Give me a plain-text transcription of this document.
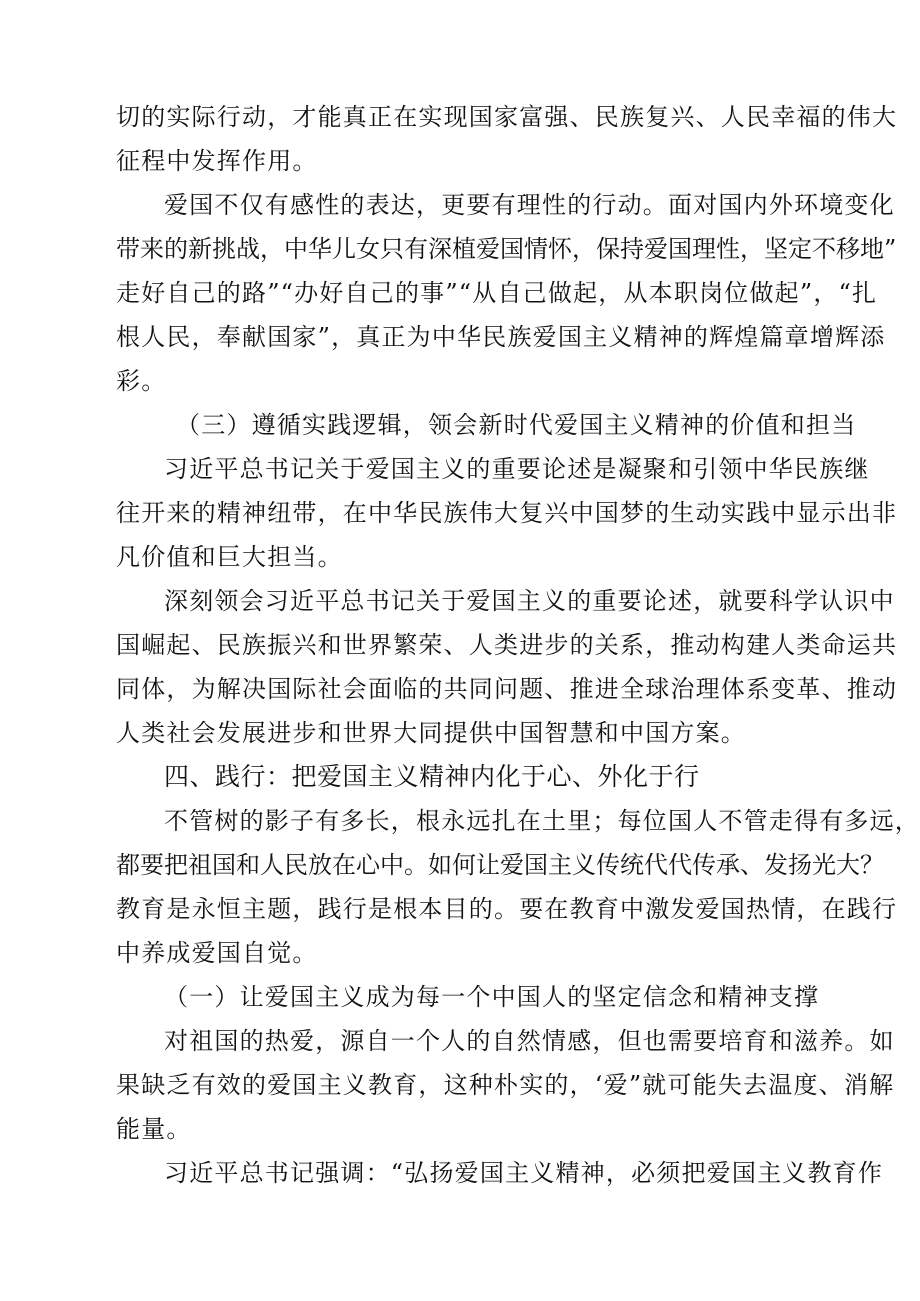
切的实际行动，才能真正在实现国家富强、民族复兴、人民幸福的伟大
征程中发挥作用。
爱国不仅有感性的表达，更要有理性的行动。面对国内外环境变化
带来的新挑战，中华儿女只有深植爱国情怀，保持爱国理性，坚定不移地”
走好自己的路”“办好自己的事”“从自己做起，从本职岗位做起”，“扎
根人民，奉献国家”，真正为中华民族爱国主义精神的辉煌篇章增辉添
彩。
（三）遵循实践逻辑，领会新时代爱国主义精神的价值和担当
习近平总书记关于爱国主义的重要论述是凝聚和引领中华民族继
往开来的精神纽带，在中华民族伟大复兴中国梦的生动实践中显示出非
凡价值和巨大担当。
深刻领会习近平总书记关于爱国主义的重要论述，就要科学认识中
国崛起、民族振兴和世界繁荣、人类进步的关系，推动构建人类命运共
同体，为解决国际社会面临的共同问题、推进全球治理体系变革、推动
人类社会发展进步和世界大同提供中国智慧和中国方案。
四、践行：把爱国主义精神内化于心、外化于行
不管树的影子有多长，根永远扎在土里；每位国人不管走得有多远，
都要把祖国和人民放在心中。如何让爱国主义传统代代传承、发扬光大？
教育是永恒主题，践行是根本目的。要在教育中激发爱国热情，在践行
中养成爱国自觉。
（一）让爱国主义成为每一个中国人的坚定信念和精神支撑
对祖国的热爱，源自一个人的自然情感，但也需要培育和滋养。如
果缺乏有效的爱国主义教育，这种朴实的，‘爱”就可能失去温度、消解
能量。
习近平总书记强调：“弘扬爱国主义精神，必须把爱国主义教育作
